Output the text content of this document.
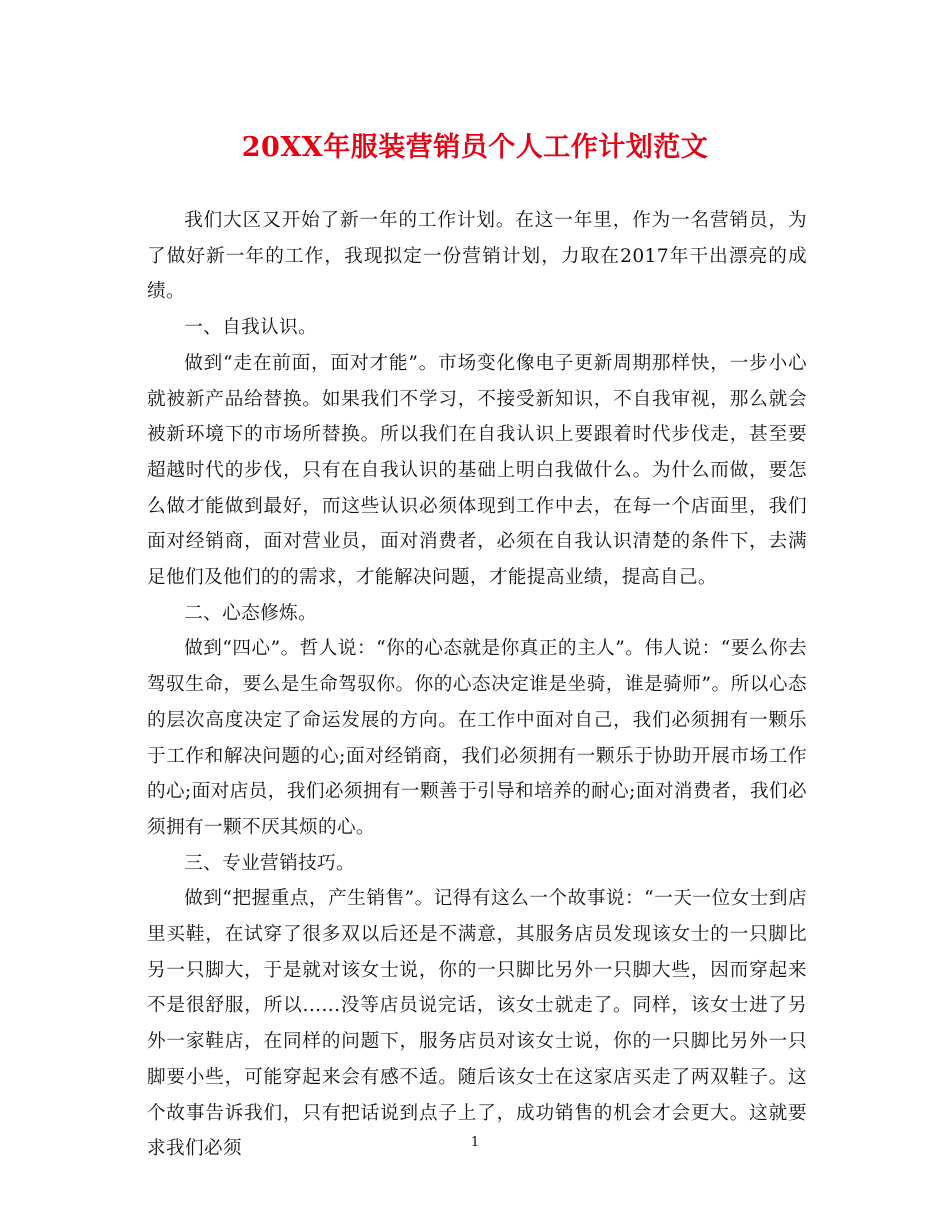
20XX年服装营销员个人工作计划范文

我们大区又开始了新一年的工作计划。在这一年里，作为一名营销员，为了做好新一年的工作，我现拟定一份营销计划，力取在2017年干出漂亮的成绩。

一、自我认识。

做到“走在前面，面对才能”。市场变化像电子更新周期那样快，一步小心就被新产品给替换。如果我们不学习，不接受新知识，不自我审视，那么就会被新环境下的市场所替换。所以我们在自我认识上要跟着时代步伐走，甚至要超越时代的步伐，只有在自我认识的基础上明白我做什么。为什么而做，要怎么做才能做到最好，而这些认识必须体现到工作中去，在每一个店面里，我们面对经销商，面对营业员，面对消费者，必须在自我认识清楚的条件下，去满足他们及他们的的需求，才能解决问题，才能提高业绩，提高自己。

二、心态修炼。

做到“四心”。哲人说：“你的心态就是你真正的主人”。伟人说：“要么你去驾驭生命，要么是生命驾驭你。你的心态决定谁是坐骑，谁是骑师”。所以心态的层次高度决定了命运发展的方向。在工作中面对自己，我们必须拥有一颗乐于工作和解决问题的心;面对经销商，我们必须拥有一颗乐于协助开展市场工作的心;面对店员，我们必须拥有一颗善于引导和培养的耐心;面对消费者，我们必须拥有一颗不厌其烦的心。

三、专业营销技巧。

做到“把握重点，产生销售”。记得有这么一个故事说：“一天一位女士到店里买鞋，在试穿了很多双以后还是不满意，其服务店员发现该女士的一只脚比另一只脚大，于是就对该女士说，你的一只脚比另外一只脚大些，因而穿起来不是很舒服，所以......没等店员说完话，该女士就走了。同样，该女士进了另外一家鞋店，在同样的问题下，服务店员对该女士说，你的一只脚比另外一只脚要小些，可能穿起来会有感不适。随后该女士在这家店买走了两双鞋子。这个故事告诉我们，只有把话说到点子上了，成功销售的机会才会更大。这就要求我们必须	1
